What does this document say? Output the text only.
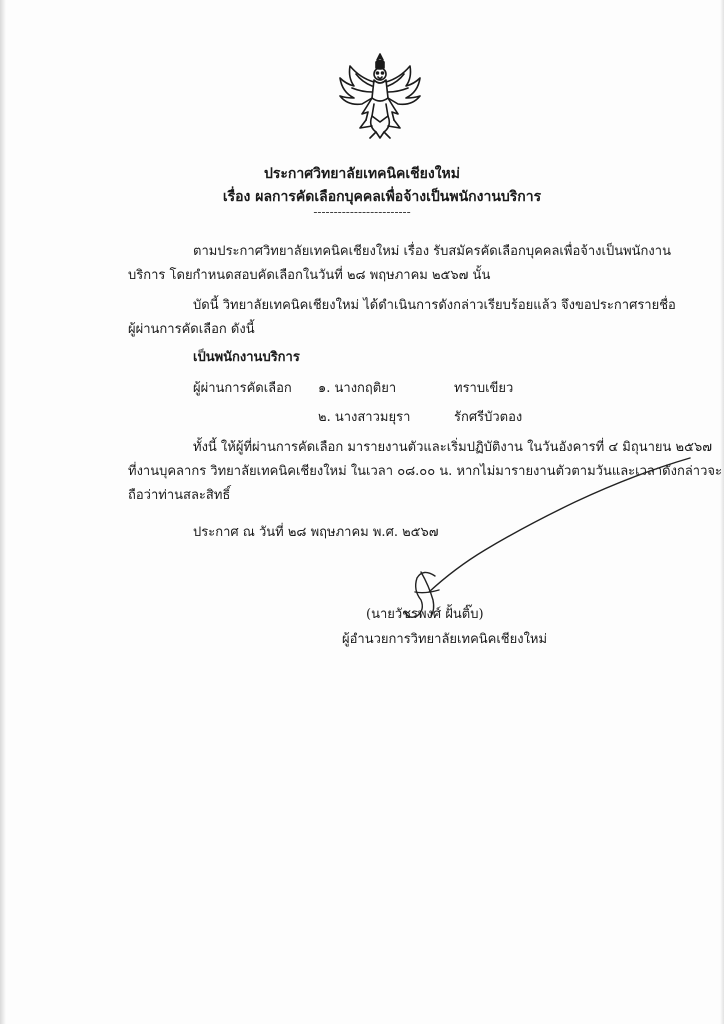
ประกาศวิทยาลัยเทคนิคเชียงใหม่
เรื่อง ผลการคัดเลือกบุคคลเพื่อจ้างเป็นพนักงานบริการ
------------------------
ตามประกาศวิทยาลัยเทคนิคเชียงใหม่ เรื่อง รับสมัครคัดเลือกบุคคลเพื่อจ้างเป็นพนักงาน
บริการ โดยกำหนดสอบคัดเลือกในวันที่ ๒๘ พฤษภาคม ๒๕๖๗ นั้น
บัดนี้ วิทยาลัยเทคนิคเชียงใหม่ ได้ดำเนินการดังกล่าวเรียบร้อยแล้ว จึงขอประกาศรายชื่อ
ผู้ผ่านการคัดเลือก ดังนี้
เป็นพนักงานบริการ
ผู้ผ่านการคัดเลือก ๑. นางกฤติยา	ทราบเขียว
๒. นางสาวมยุรา	รักศรีบัวตอง
ทั้งนี้ ให้ผู้ที่ผ่านการคัดเลือก มารายงานตัวและเริ่มปฏิบัติงาน ในวันอังคารที่ ๔ มิถุนายน ๒๕๖๗
ที่งานบุคลากร วิทยาลัยเทคนิคเชียงใหม่ ในเวลา ๐๘.๐๐ น. หากไม่มารายงานตัวตามวันและเวลาดังกล่าวจะ
ถือว่าท่านสละสิทธิ์
ประกาศ ณ วันที่ ๒๘ พฤษภาคม พ.ศ. ๒๕๖๗
(นายวัชรพงศ์ ฝั้นติ๊บ)
ผู้อำนวยการวิทยาลัยเทคนิคเชียงใหม่
